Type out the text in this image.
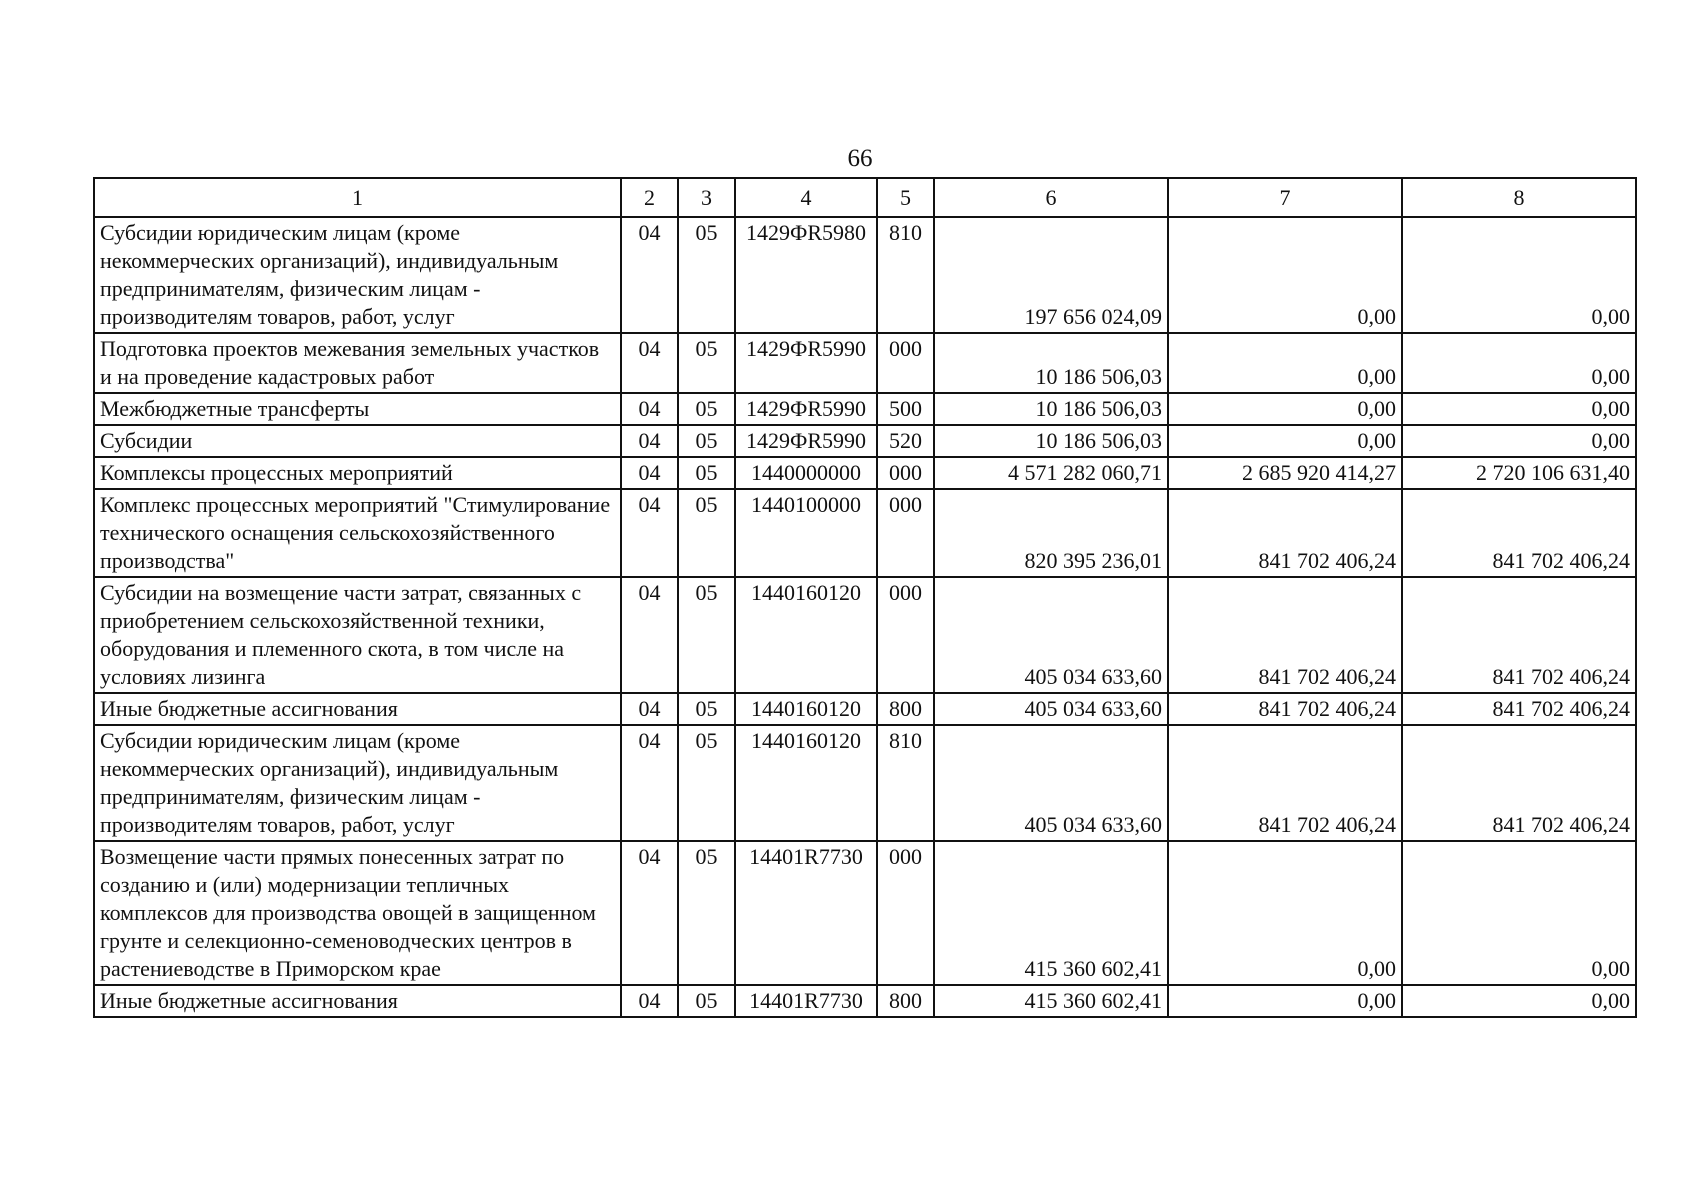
66
1	2	3	4	5	6	7	8
Субсидии юридическим лицам (кроме некоммерческих организаций), индивидуальным предпринимателям, физическим лицам - производителям товаров, работ, услуг	04	05	1429ФR5980	810	197 656 024,09	0,00	0,00
Подготовка проектов межевания земельных участков и на проведение кадастровых работ	04	05	1429ФR5990	000	10 186 506,03	0,00	0,00
Межбюджетные трансферты	04	05	1429ФR5990	500	10 186 506,03	0,00	0,00
Субсидии	04	05	1429ФR5990	520	10 186 506,03	0,00	0,00
Комплексы процессных мероприятий	04	05	1440000000	000	4 571 282 060,71	2 685 920 414,27	2 720 106 631,40
Комплекс процессных мероприятий "Стимулирование технического оснащения сельскохозяйственного производства"	04	05	1440100000	000	820 395 236,01	841 702 406,24	841 702 406,24
Субсидии на возмещение части затрат, связанных с приобретением сельскохозяйственной техники, оборудования и племенного скота, в том числе на условиях лизинга	04	05	1440160120	000	405 034 633,60	841 702 406,24	841 702 406,24
Иные бюджетные ассигнования	04	05	1440160120	800	405 034 633,60	841 702 406,24	841 702 406,24
Субсидии юридическим лицам (кроме некоммерческих организаций), индивидуальным предпринимателям, физическим лицам - производителям товаров, работ, услуг	04	05	1440160120	810	405 034 633,60	841 702 406,24	841 702 406,24
Возмещение части прямых понесенных затрат по созданию и (или) модернизации тепличных комплексов для производства овощей в защищенном грунте и селекционно-семеноводческих центров в растениеводстве в Приморском крае	04	05	14401R7730	000	415 360 602,41	0,00	0,00
Иные бюджетные ассигнования	04	05	14401R7730	800	415 360 602,41	0,00	0,00
